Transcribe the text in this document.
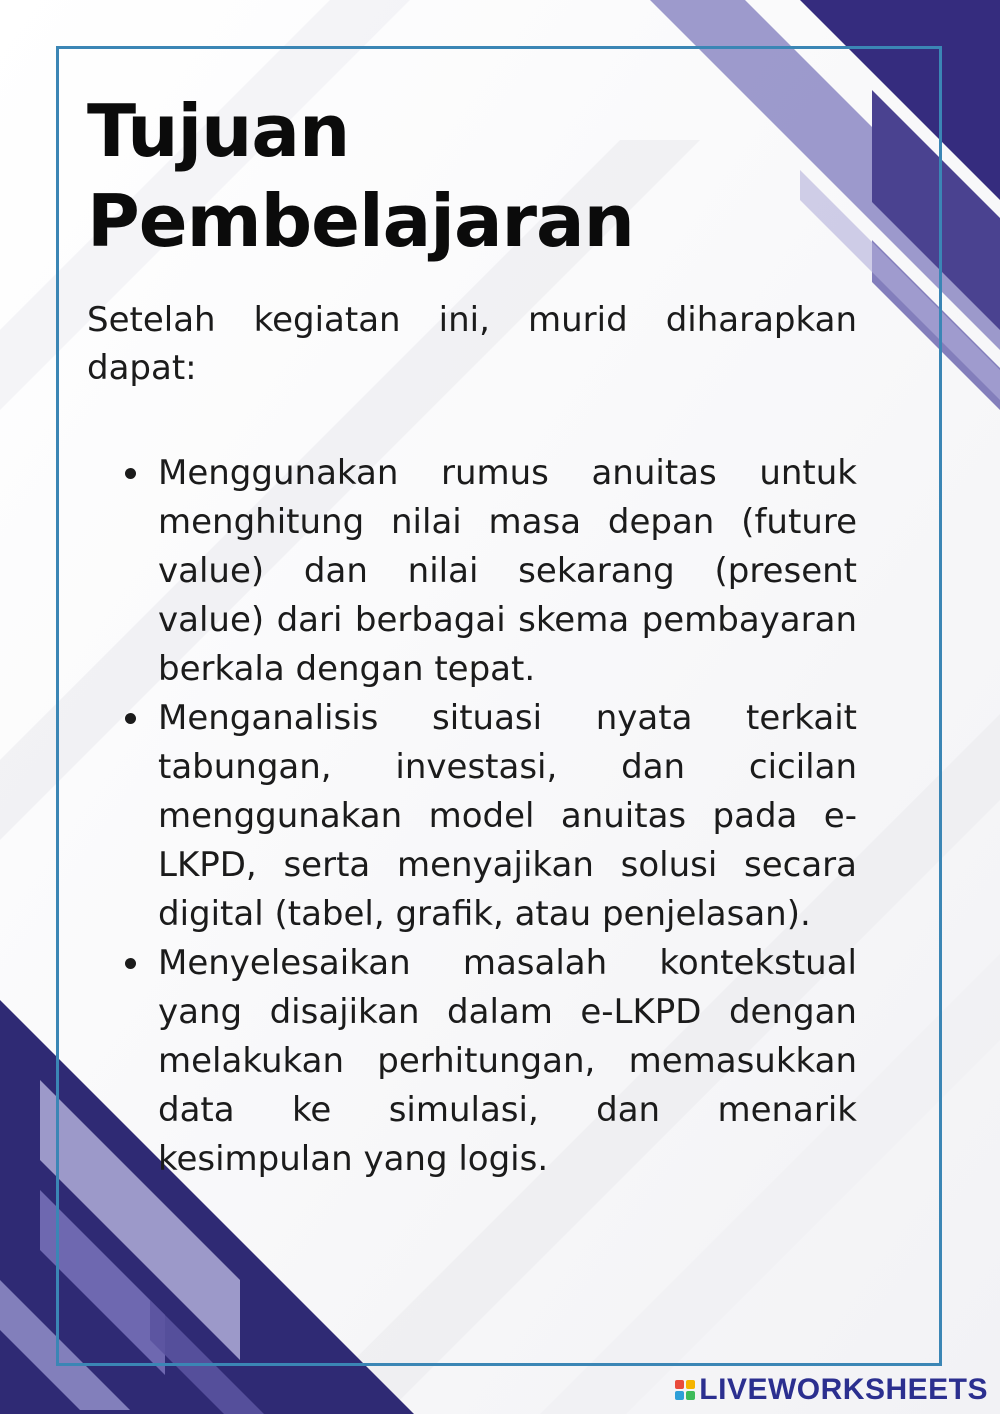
Tujuan
Pembelajaran

Setelah kegiatan ini, murid diharapkan dapat:

Menggunakan rumus anuitas untuk menghitung nilai masa depan (future value) dan nilai sekarang (present value) dari berbagai skema pembayaran berkala dengan tepat.
Menganalisis situasi nyata terkait tabungan, investasi, dan cicilan menggunakan model anuitas pada e-LKPD, serta menyajikan solusi secara digital (tabel, grafik, atau penjelasan).
Menyelesaikan masalah kontekstual yang disajikan dalam e-LKPD dengan melakukan perhitungan, memasukkan data ke simulasi, dan menarik kesimpulan yang logis.
LIVEWORKSHEETS
